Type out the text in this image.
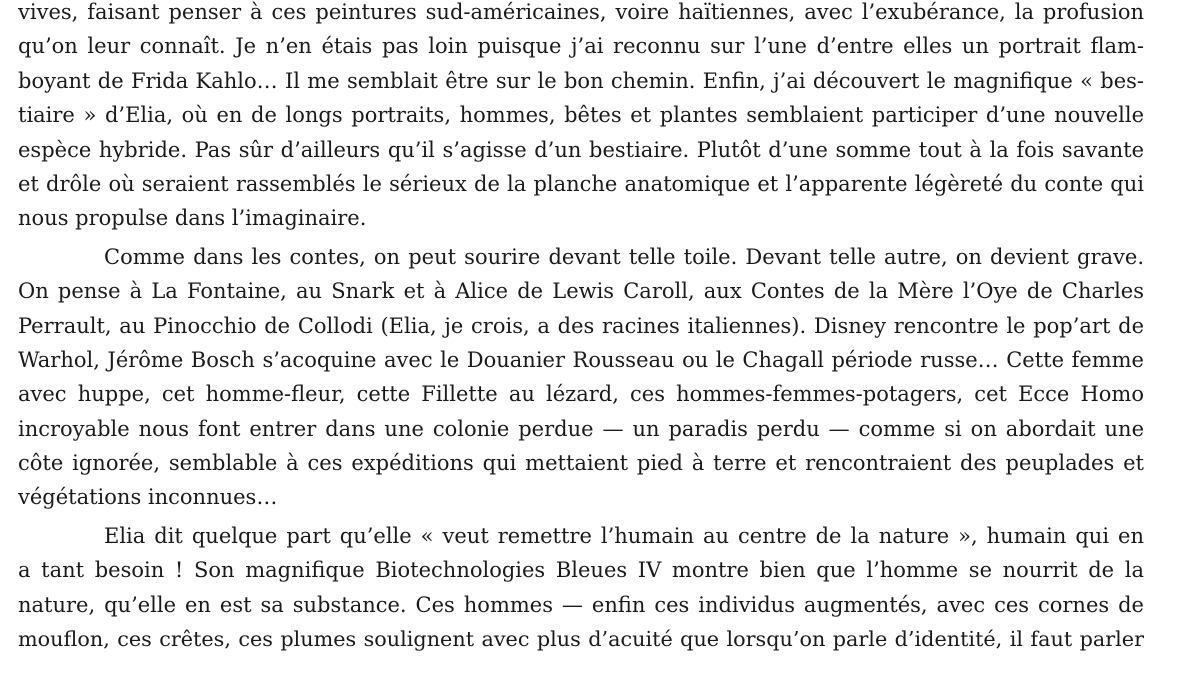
vives, faisant penser à ces peintures sud-américaines, voire haïtiennes, avec l’exubérance, la profusion
qu’on leur connaît. Je n’en étais pas loin puisque j’ai reconnu sur l’une d’entre elles un portrait flam-
boyant de Frida Kahlo… Il me semblait être sur le bon chemin. Enfin, j’ai découvert le magnifique « bes-
tiaire » d’Elia, où en de longs portraits, hommes, bêtes et plantes semblaient participer d’une nouvelle
espèce hybride. Pas sûr d’ailleurs qu’il s’agisse d’un bestiaire. Plutôt d’une somme tout à la fois savante
et drôle où seraient rassemblés le sérieux de la planche anatomique et l’apparente légèreté du conte qui
nous propulse dans l’imaginaire.
Comme dans les contes, on peut sourire devant telle toile. Devant telle autre, on devient grave.
On pense à La Fontaine, au Snark et à Alice de Lewis Caroll, aux Contes de la Mère l’Oye de Charles
Perrault, au Pinocchio de Collodi (Elia, je crois, a des racines italiennes). Disney rencontre le pop’art de
Warhol, Jérôme Bosch s’acoquine avec le Douanier Rousseau ou le Chagall période russe… Cette femme
avec huppe, cet homme-fleur, cette Fillette au lézard, ces hommes-femmes-potagers, cet Ecce Homo
incroyable nous font entrer dans une colonie perdue — un paradis perdu — comme si on abordait une
côte ignorée, semblable à ces expéditions qui mettaient pied à terre et rencontraient des peuplades et
végétations inconnues…
Elia dit quelque part qu’elle « veut remettre l’humain au centre de la nature », humain qui en
a tant besoin ! Son magnifique Biotechnologies Bleues IV montre bien que l’homme se nourrit de la
nature, qu’elle en est sa substance. Ces hommes — enfin ces individus augmentés, avec ces cornes de
mouflon, ces crêtes, ces plumes soulignent avec plus d’acuité que lorsqu’on parle d’identité, il faut parler
